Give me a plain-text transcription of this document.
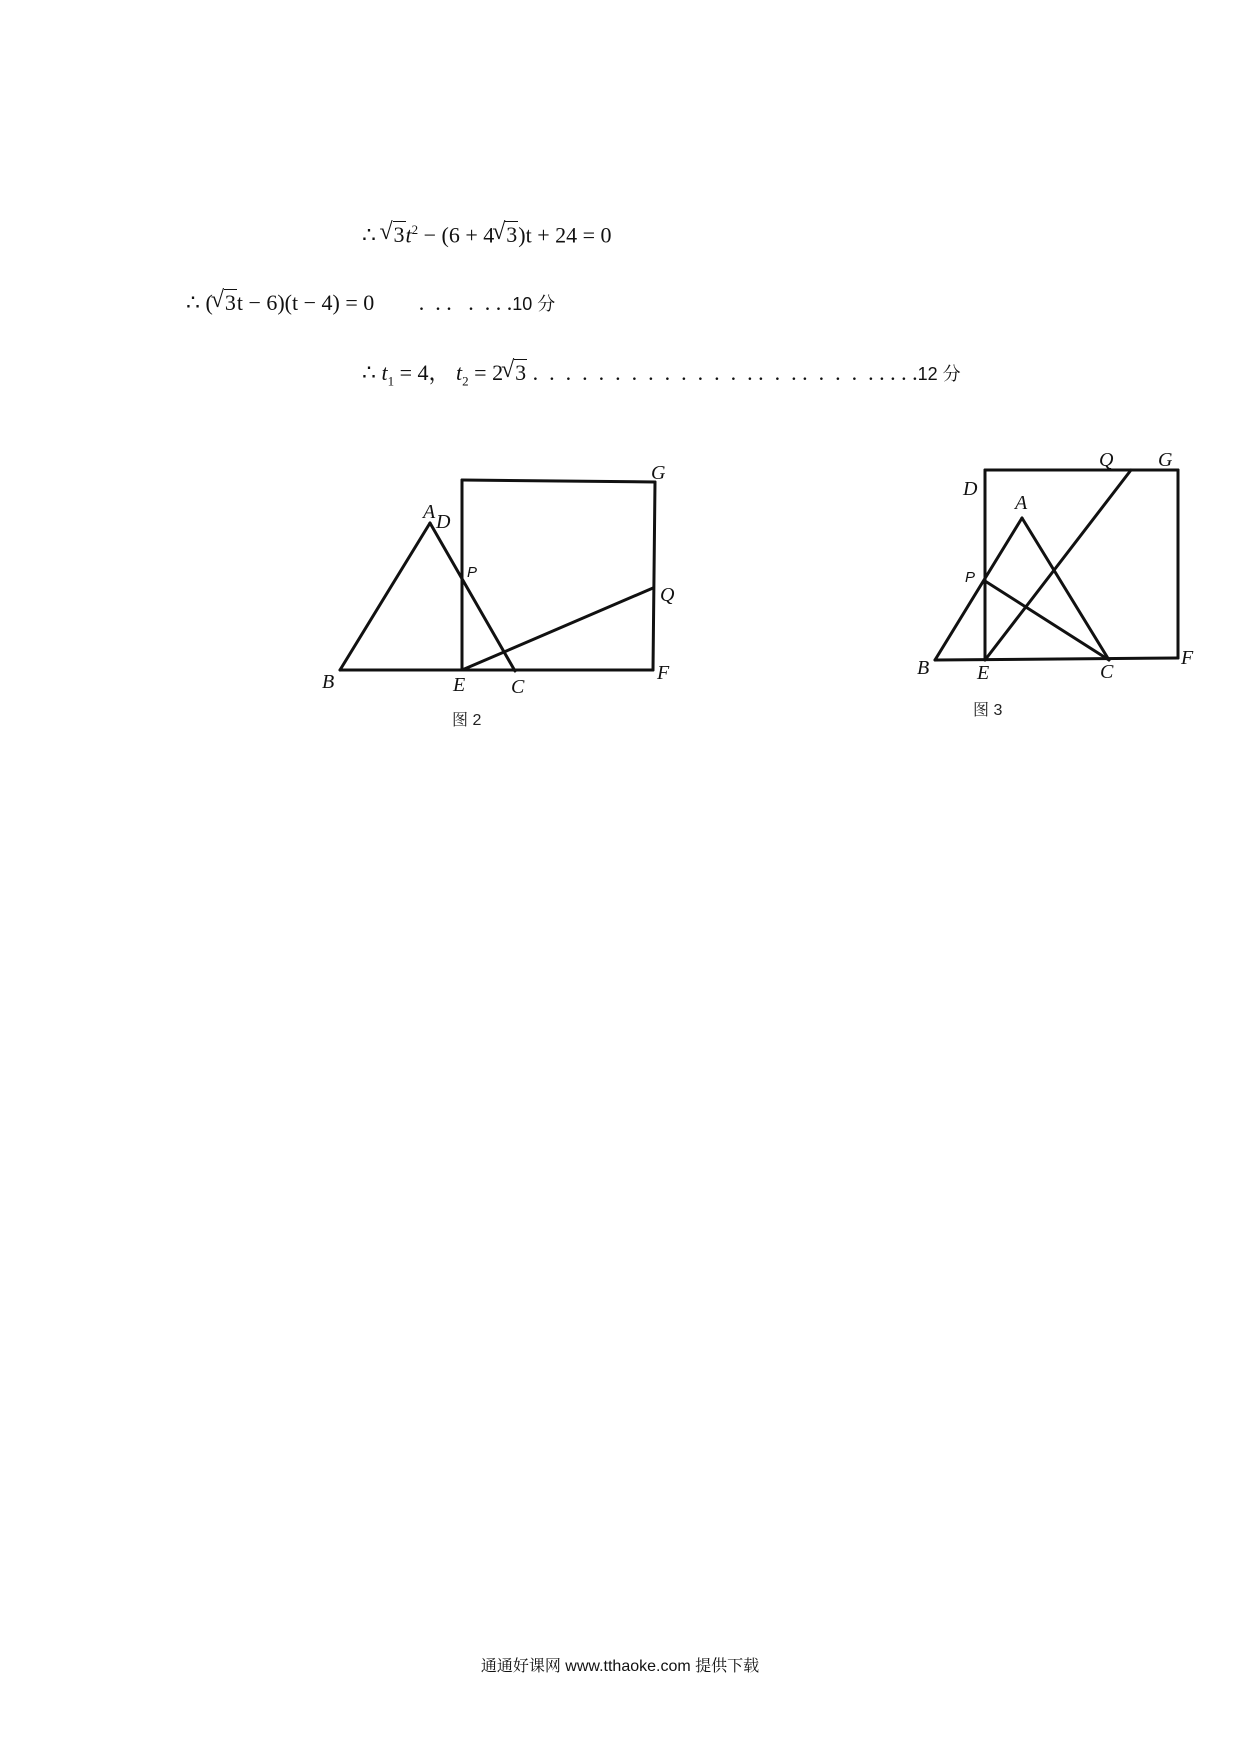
∴ √ $3t^2 - (6 + 4√$ 3)t + 24 = 0
∴ (√ 3t − 6)(t − 4) = 0   .  . .   .  . . .10 分
∴ $t_1 = 4$， $t_2 = 2√$ 3 .  .  .  .  .  .  .  .  .  .  .  .  .  . .  .  . .  .  .  .  . . . . .12 分
A D
P
G
Q
B	E C
F
图 2
D
A
Q G
P
B E	C
F
图 3
通通好课网 www.tthaoke.com 提供下载
